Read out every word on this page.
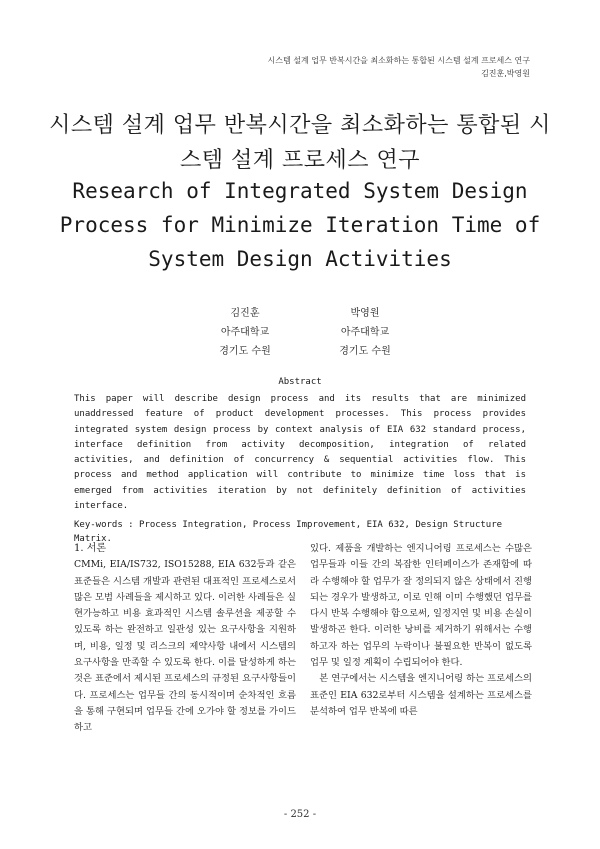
시스템 설계 업무 반복시간을 최소화하는 통합된 시스템 설계 프로세스 연구
김진훈,박영원
시스템 설계 업무 반복시간을 최소화하는 통합된 시스템 설계 프로세스 연구
Research of Integrated System Design Process for Minimize Iteration Time of System Design Activities
김진훈
아주대학교
경기도 수원
박영원
아주대학교
경기도 수원
Abstract
This paper will describe design process and its results that are minimized unaddressed feature of product development processes. This process provides integrated system design process by context analysis of EIA 632 standard process, interface definition from activity decomposition, integration of related activities, and definition of concurrency & sequential activities flow. This process and method application will contribute to minimize time loss that is emerged from activities iteration by not definitely definition of activities interface.
Key-words : Process Integration, Process Improvement, EIA 632, Design Structure Matrix.

1. 서론

CMMi, EIA/IS732, ISO15288, EIA 632등과 같은 표준들은 시스템 개발과 관련된 대표적인 프로세스로서 많은 모범 사례들을 제시하고 있다. 이러한 사례들은 실현가능하고 비용 효과적인 시스템 솔루션을 제공할 수 있도록 하는 완전하고 일관성 있는 요구사항을 지원하며, 비용, 일정 및 리스크의 제약사항 내에서 시스템의 요구사항을 만족할 수 있도록 한다. 이를 달성하게 하는 것은 표준에서 제시된 프로세스의 규정된 요구사항들이다. 프로세스는 업무들 간의 동시적이며 순차적인 흐름을 통해 구현되며 업무들 간에 오가야 할 정보를 가이드하고

있다. 제품을 개발하는 엔지니어링 프로세스는 수많은 업무들과 이들 간의 복잡한 인터페이스가 존재함에 따라 수행해야 할 업무가 잘 정의되지 않은 상태에서 진행되는 경우가 발생하고, 이로 인해 이미 수행했던 업무를 다시 반복 수행해야 함으로써, 일정지연 및 비용 손실이 발생하곤 한다. 이러한 낭비를 제거하기 위해서는 수행하고자 하는 업무의 누락이나 불필요한 반복이 없도록 업무 및 일정 계획이 수립되어야 한다.

본 연구에서는 시스템을 엔지니어링 하는 프로세스의 표준인 EIA 632로부터 시스템을 설계하는 프로세스를 분석하여 업무 반복에 따른

- 252 -
